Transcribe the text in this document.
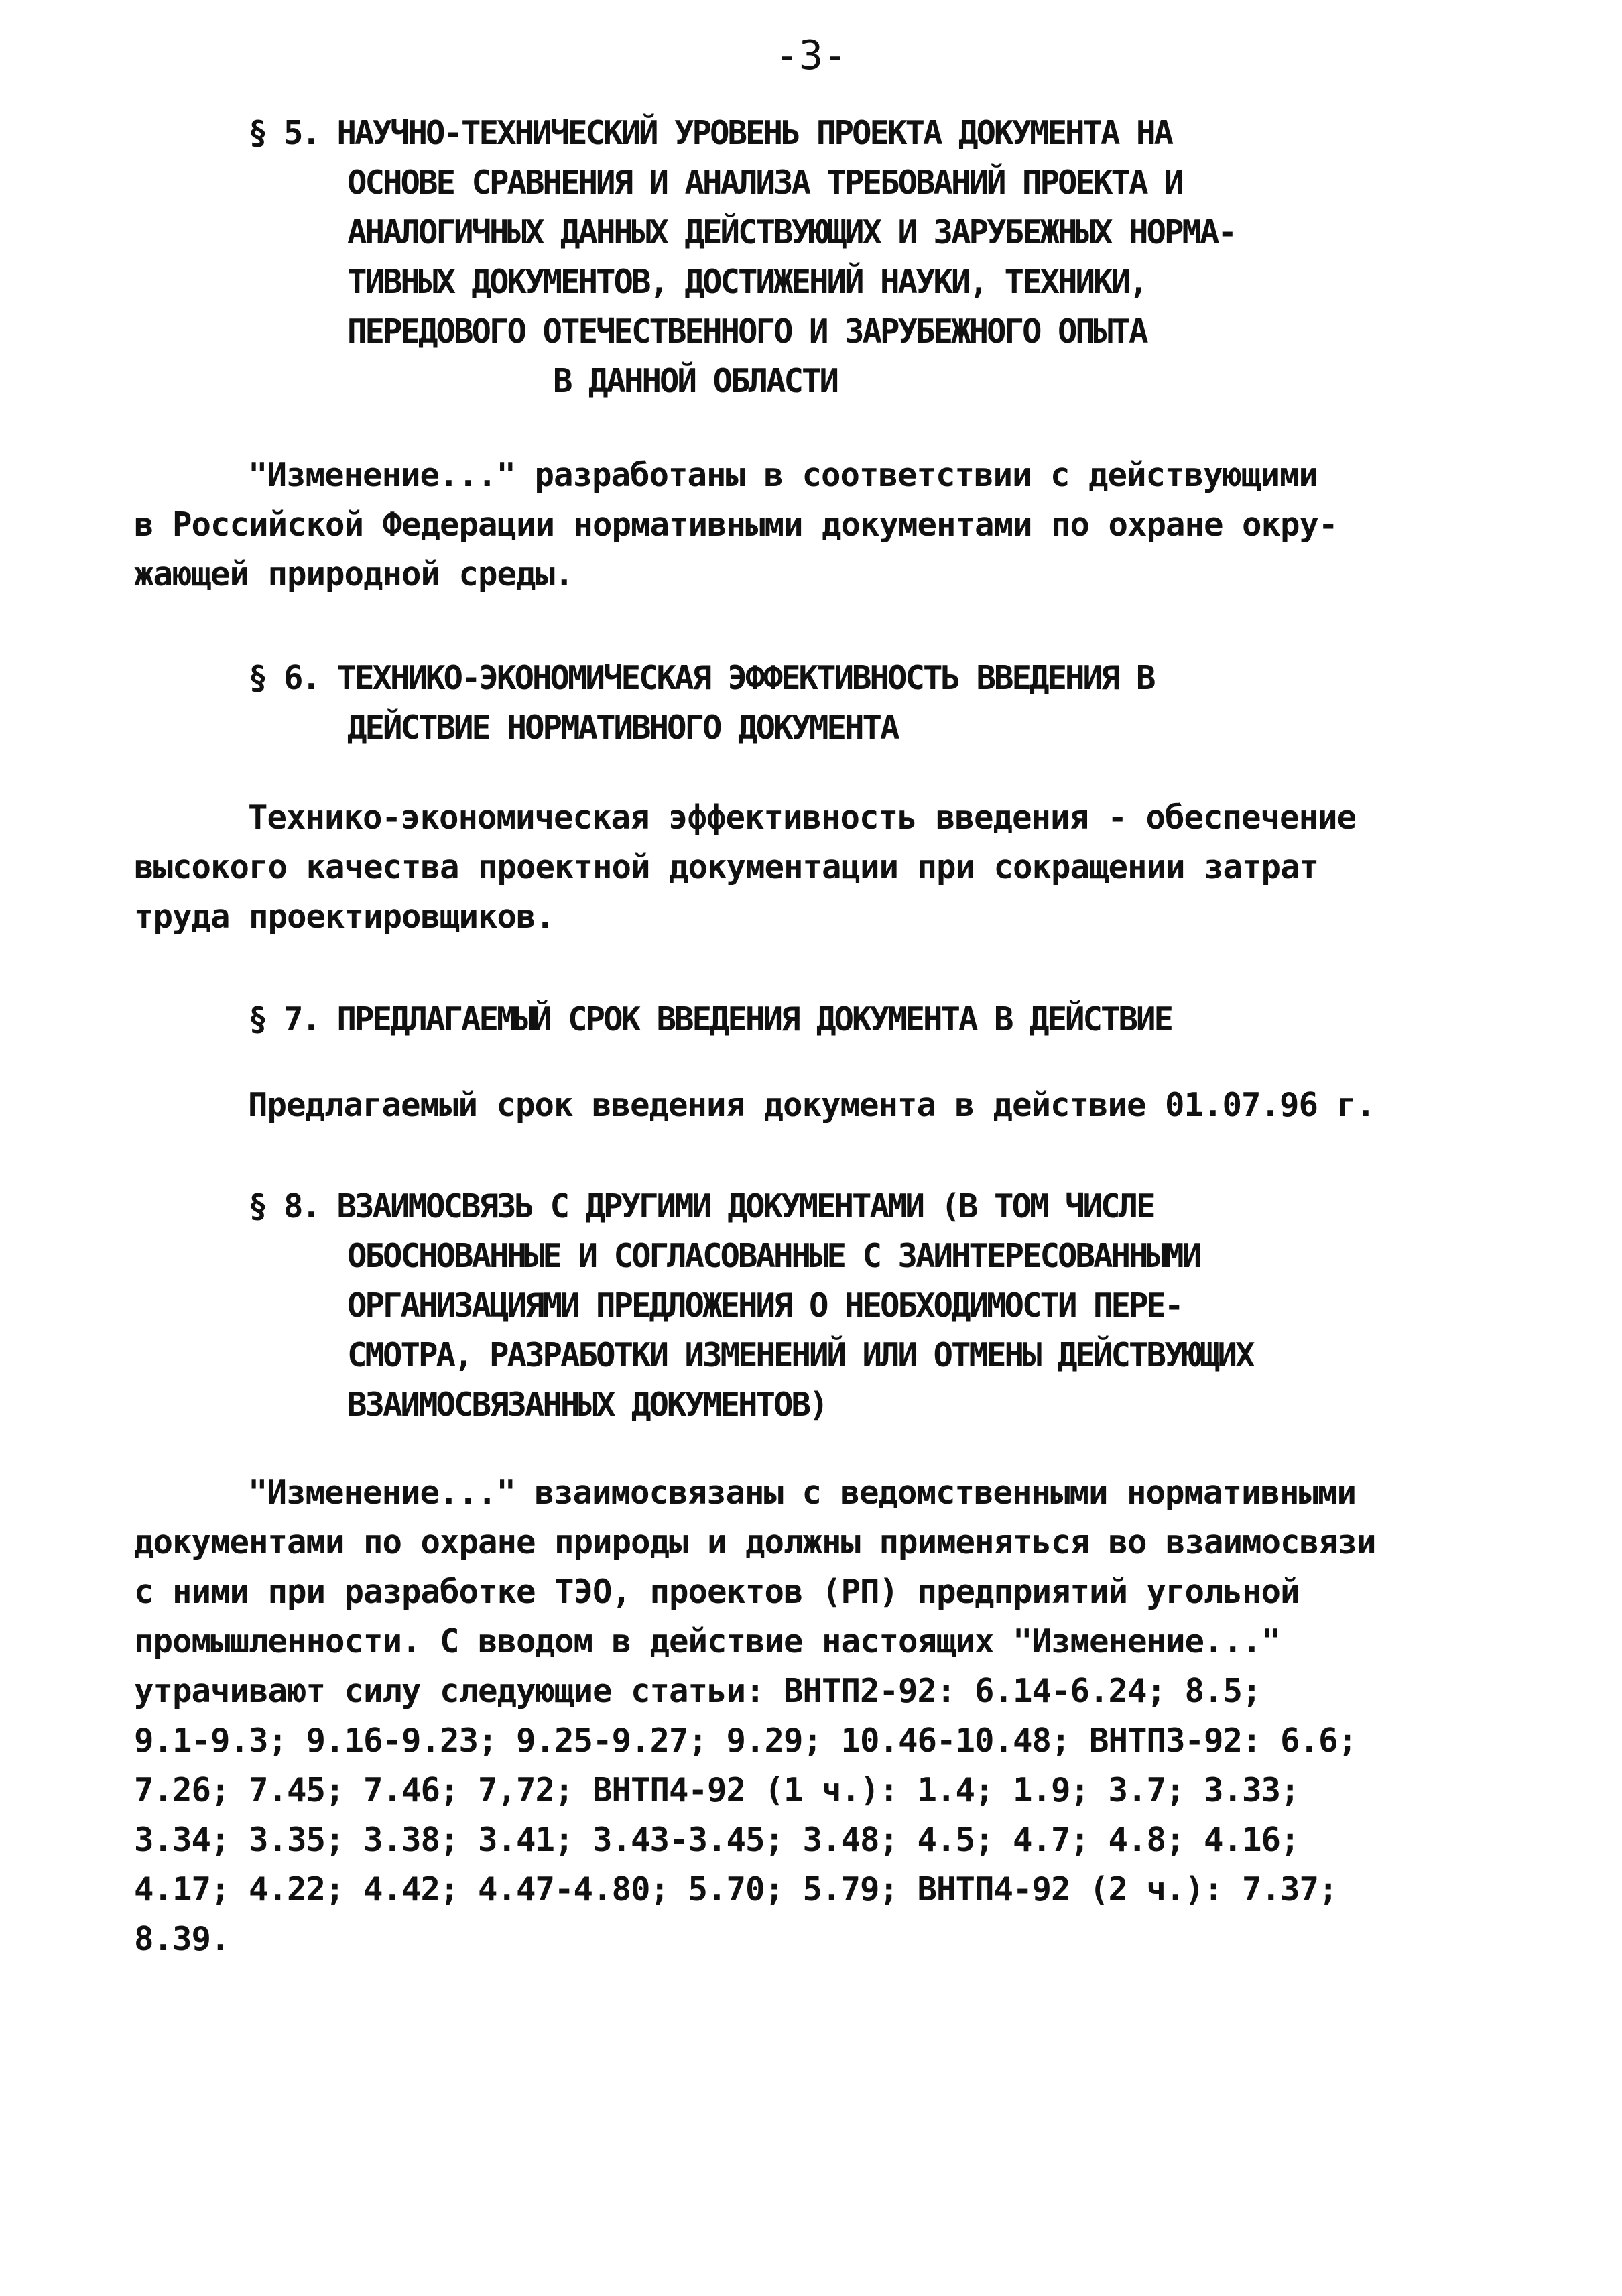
-3-
§ 5. НАУЧНО-ТЕХНИЧЕСКИЙ УРОВЕНЬ ПРОЕКТА ДОКУМЕНТА НА
ОСНОВЕ СРАВНЕНИЯ И АНАЛИЗА ТРЕБОВАНИЙ ПРОЕКТА И
АНАЛОГИЧНЫХ ДАННЫХ ДЕЙСТВУЮЩИХ И ЗАРУБЕЖНЫХ НОРМА-
ТИВНЫХ ДОКУМЕНТОВ, ДОСТИЖЕНИЙ НАУКИ, ТЕХНИКИ,
ПЕРЕДОВОГО ОТЕЧЕСТВЕННОГО И ЗАРУБЕЖНОГО ОПЫТА
В ДАННОЙ ОБЛАСТИ
"Изменение..." разработаны в соответствии с действующими
в Российской Федерации нормативными документами по охране окру-
жающей природной среды.
§ 6. ТЕХНИКО-ЭКОНОМИЧЕСКАЯ ЭФФЕКТИВНОСТЬ ВВЕДЕНИЯ В
ДЕЙСТВИЕ НОРМАТИВНОГО ДОКУМЕНТА
Технико-экономическая эффективность введения - обеспечение
высокого качества проектной документации при сокращении затрат
труда проектировщиков.
§ 7. ПРЕДЛАГАЕМЫЙ СРОК ВВЕДЕНИЯ ДОКУМЕНТА В ДЕЙСТВИЕ
Предлагаемый срок введения документа в действие 01.07.96 г.
§ 8. ВЗАИМОСВЯЗЬ С ДРУГИМИ ДОКУМЕНТАМИ (В ТОМ ЧИСЛЕ
ОБОСНОВАННЫЕ И СОГЛАСОВАННЫЕ С ЗАИНТЕРЕСОВАННЫМИ
ОРГАНИЗАЦИЯМИ ПРЕДЛОЖЕНИЯ О НЕОБХОДИМОСТИ ПЕРЕ-
СМОТРА, РАЗРАБОТКИ ИЗМЕНЕНИЙ ИЛИ ОТМЕНЫ ДЕЙСТВУЮЩИХ
ВЗАИМОСВЯЗАННЫХ ДОКУМЕНТОВ)
"Изменение..." взаимосвязаны с ведомственными нормативными
документами по охране природы и должны применяться во взаимосвязи
с ними при разработке ТЭО, проектов (РП) предприятий угольной
промышленности. С вводом в действие настоящих "Изменение..."
утрачивают силу следующие статьи: ВНТП2-92: 6.14-6.24; 8.5;
9.1-9.3; 9.16-9.23; 9.25-9.27; 9.29; 10.46-10.48; ВНТП3-92: 6.6;
7.26; 7.45; 7.46; 7,72; ВНТП4-92 (1 ч.): 1.4; 1.9; 3.7; 3.33;
3.34; 3.35; 3.38; 3.41; 3.43-3.45; 3.48; 4.5; 4.7; 4.8; 4.16;
4.17; 4.22; 4.42; 4.47-4.80; 5.70; 5.79; ВНТП4-92 (2 ч.): 7.37;
8.39.
